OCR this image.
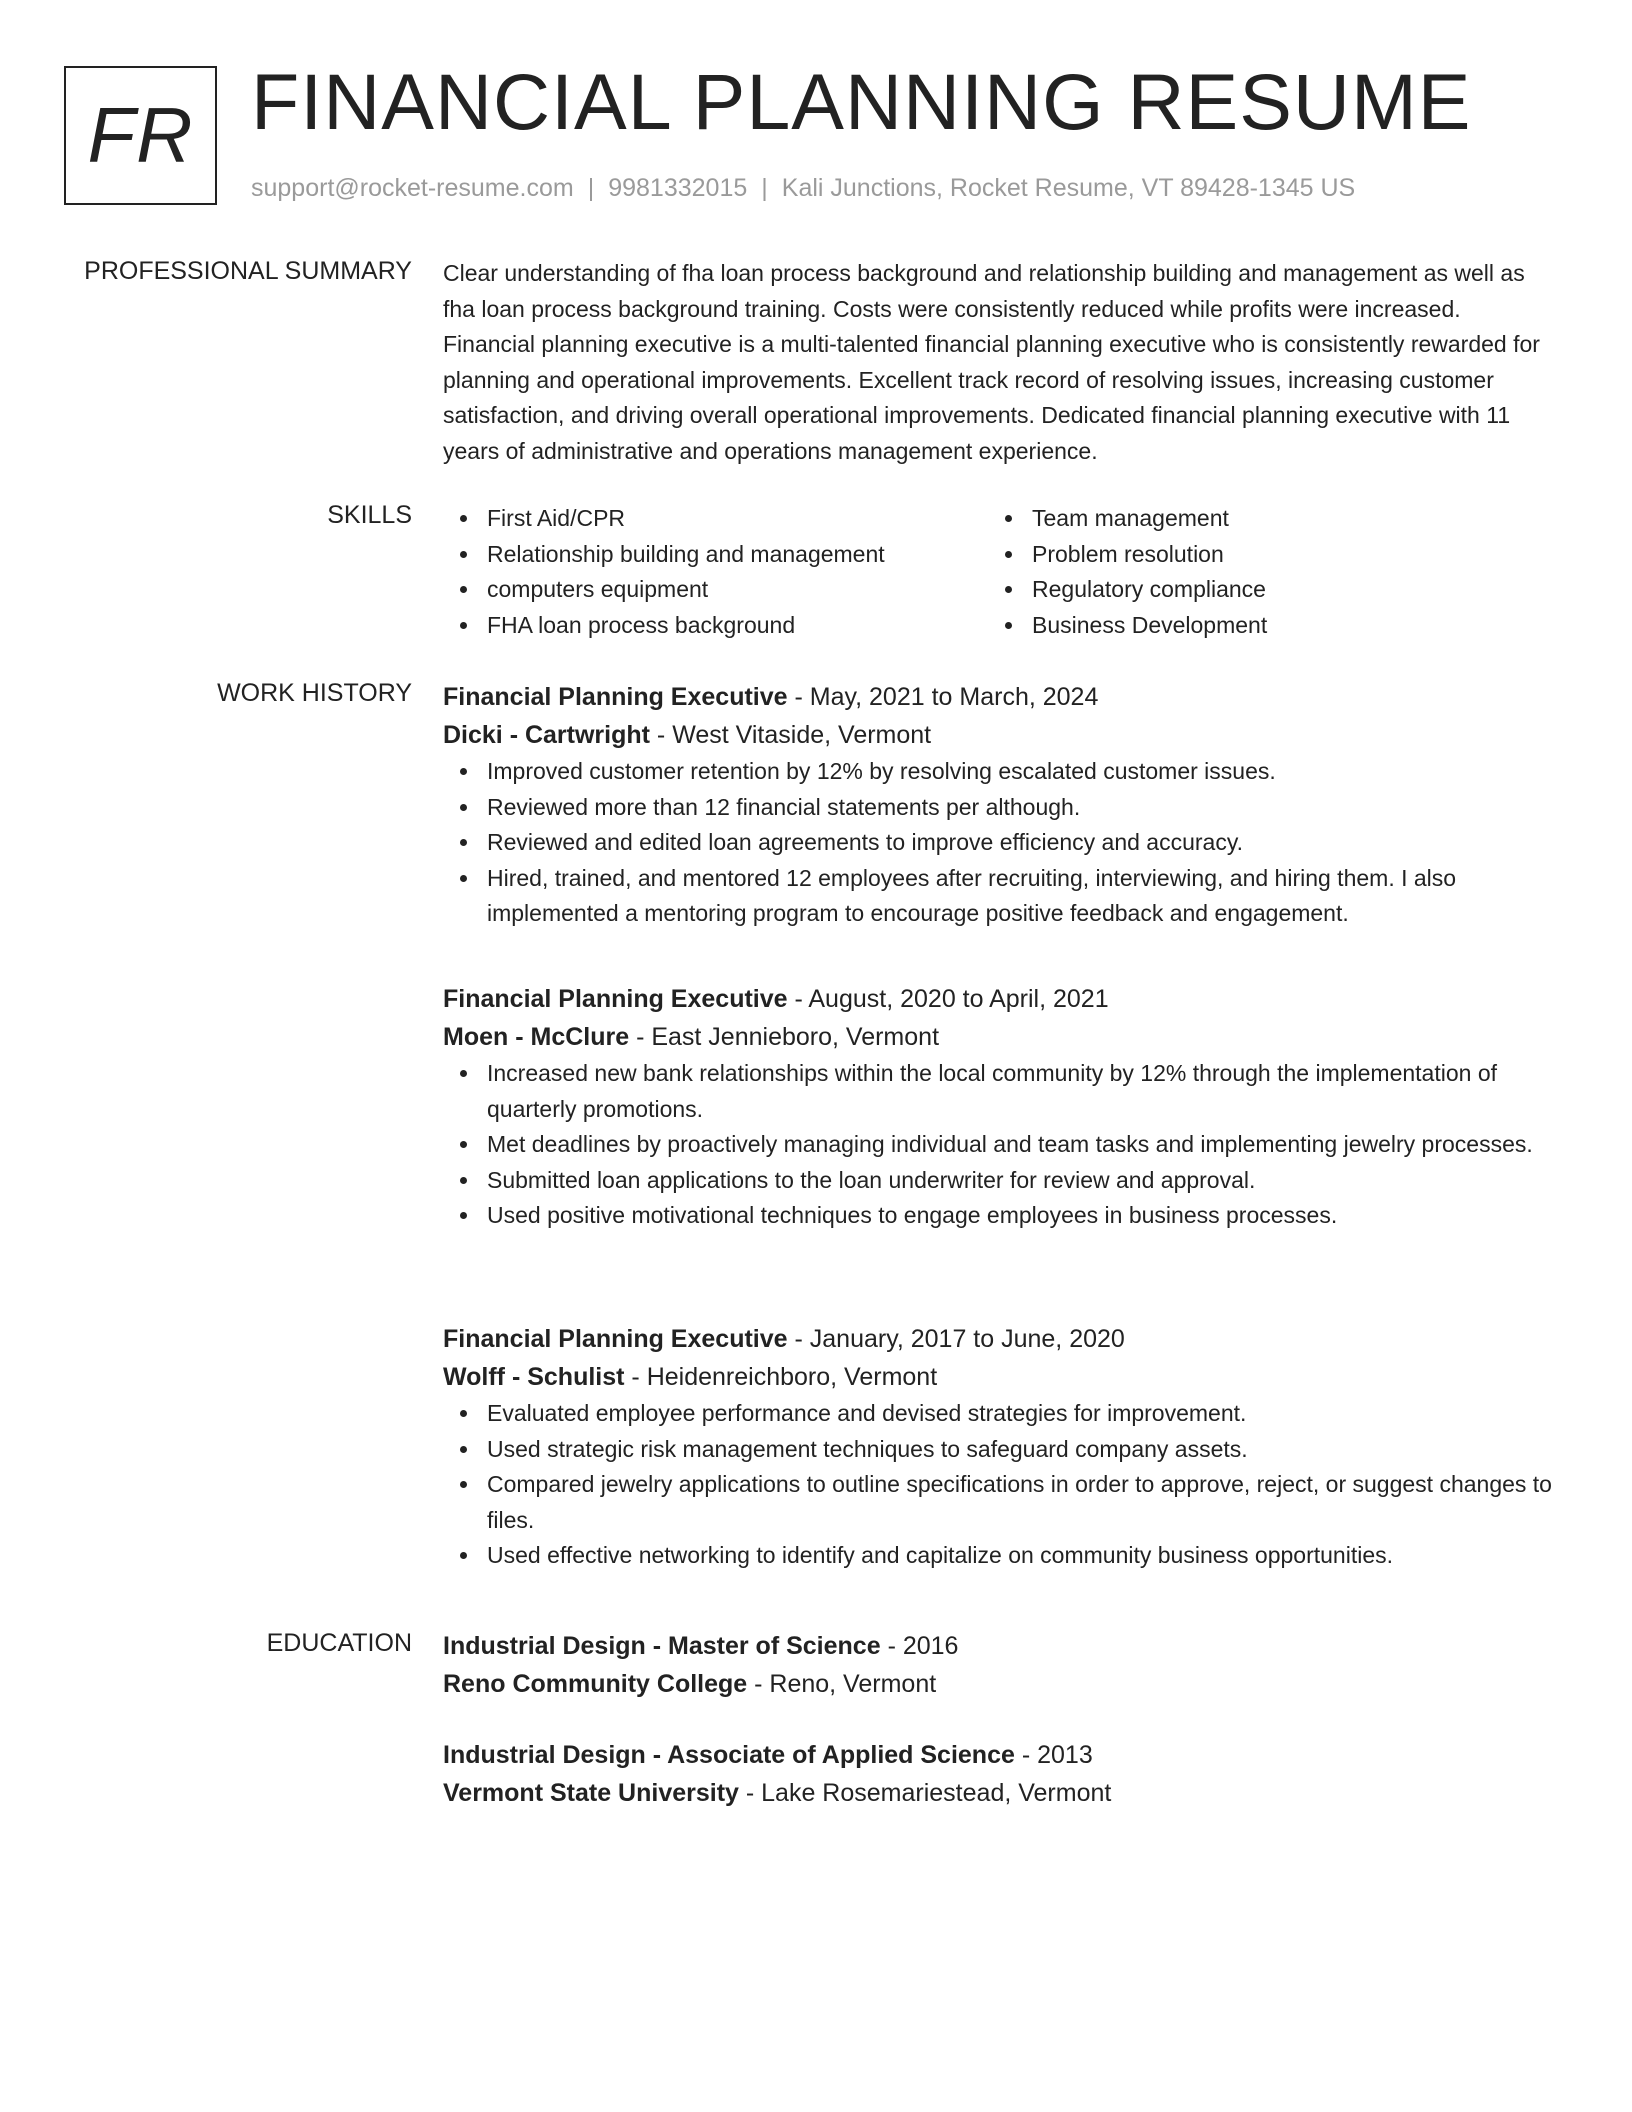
FR FINANCIAL PLANNING RESUME
support@rocket-resume.com | 9981332015 | Kali Junctions, Rocket Resume, VT 89428-1345 US
PROFESSIONAL SUMMARY Clear understanding of fha loan process background and relationship building and management as well as fha loan process background training. Costs were consistently reduced while profits were increased. Financial planning executive is a multi-talented financial planning executive who is consistently rewarded for planning and operational improvements. Excellent track record of resolving issues, increasing customer satisfaction, and driving overall operational improvements. Dedicated financial planning executive with 11 years of administrative and operations management experience.

SKILLS	First Aid/CPR
Relationship building and management
computers equipment
FHA loan process background
Team management
Problem resolution
Regulatory compliance
Business Development
WORK HISTORY Financial Planning Executive - May, 2021 to March, 2024
Dicki - Cartwright - West Vitaside, Vermont
Improved customer retention by 12% by resolving escalated customer issues.
Reviewed more than 12 financial statements per although.
Reviewed and edited loan agreements to improve efficiency and accuracy.
Hired, trained, and mentored 12 employees after recruiting, interviewing, and hiring them. I also implemented a mentoring program to encourage positive feedback and engagement.
Financial Planning Executive - August, 2020 to April, 2021
Moen - McClure - East Jennieboro, Vermont
Increased new bank relationships within the local community by 12% through the implementation of quarterly promotions.
Met deadlines by proactively managing individual and team tasks and implementing jewelry processes.
Submitted loan applications to the loan underwriter for review and approval.
Used positive motivational techniques to engage employees in business processes.
Financial Planning Executive - January, 2017 to June, 2020
Wolff - Schulist - Heidenreichboro, Vermont
Evaluated employee performance and devised strategies for improvement.
Used strategic risk management techniques to safeguard company assets.
Compared jewelry applications to outline specifications in order to approve, reject, or suggest changes to files.
Used effective networking to identify and capitalize on community business opportunities.
EDUCATION Industrial Design - Master of Science - 2016
Reno Community College - Reno, Vermont
Industrial Design - Associate of Applied Science - 2013
Vermont State University - Lake Rosemariestead, Vermont
